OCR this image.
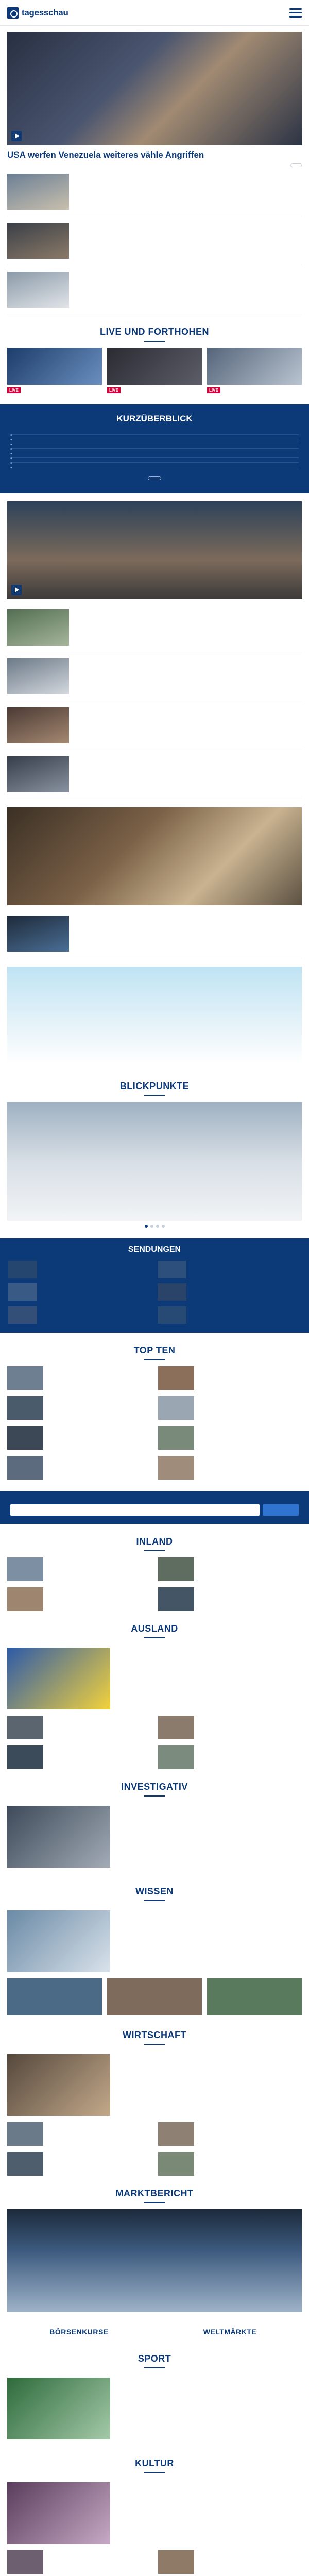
tagesschau
USA werfen Venezuela weiteres vähle Angriffen
LIVE UND FORTHOHEN
LIVE	LIVE	LIVE
KURZÜBERBLICK
•
•
•
•
•
•
•
•
BLICKPUNKTE
SENDUNGEN
TOP TEN
INLAND
AUSLAND
INVESTIGATIV
WISSEN
WIRTSCHAFT
MARKTBERICHT
BÖRSENKURSE	WELTMÄRKTE
SPORT
KULTUR
